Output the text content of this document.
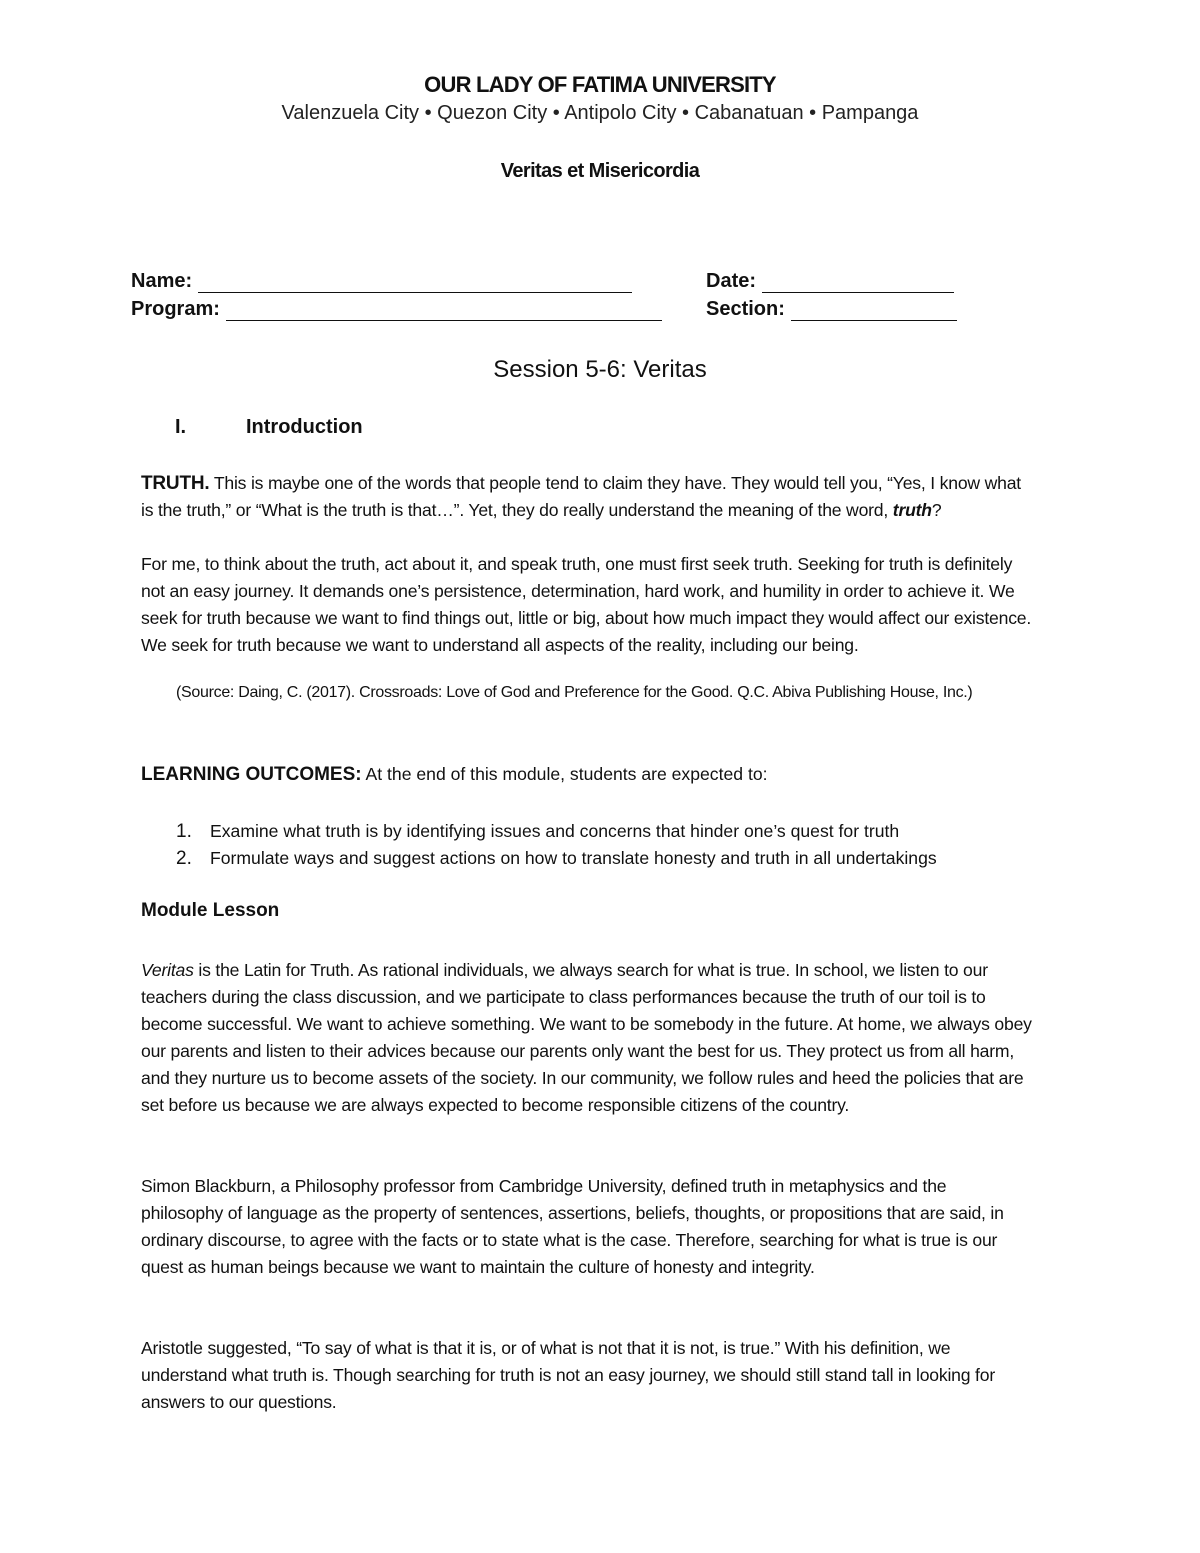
OUR LADY OF FATIMA UNIVERSITY
Valenzuela City • Quezon City • Antipolo City • Cabanatuan • Pampanga
Veritas et Misericordia
Name:	Date:
Program:	Section:
Session 5-6: Veritas
I.	Introduction
TRUTH. This is maybe one of the words that people tend to claim they have. They would tell you, “Yes, I know what is the truth,” or “What is the truth is that…”. Yet, they do really understand the meaning of the word, truth?
For me, to think about the truth, act about it, and speak truth, one must first seek truth. Seeking for truth is definitely not an easy journey. It demands one’s persistence, determination, hard work, and humility in order to achieve it. We seek for truth because we want to find things out, little or big, about how much impact they would affect our existence. We seek for truth because we want to understand all aspects of the reality, including our being.
(Source: Daing, C. (2017). Crossroads: Love of God and Preference for the Good. Q.C. Abiva Publishing House, Inc.)
LEARNING OUTCOMES: At the end of this module, students are expected to:
1.	Examine what truth is by identifying issues and concerns that hinder one’s quest for truth
2.	Formulate ways and suggest actions on how to translate honesty and truth in all undertakings
Module Lesson
Veritas is the Latin for Truth. As rational individuals, we always search for what is true. In school, we listen to our teachers during the class discussion, and we participate to class performances because the truth of our toil is to become successful. We want to achieve something. We want to be somebody in the future. At home, we always obey our parents and listen to their advices because our parents only want the best for us. They protect us from all harm, and they nurture us to become assets of the society. In our community, we follow rules and heed the policies that are set before us because we are always expected to become responsible citizens of the country.
Simon Blackburn, a Philosophy professor from Cambridge University, defined truth in metaphysics and the philosophy of language as the property of sentences, assertions, beliefs, thoughts, or propositions that are said, in ordinary discourse, to agree with the facts or to state what is the case. Therefore, searching for what is true is our quest as human beings because we want to maintain the culture of honesty and integrity.
Aristotle suggested, “To say of what is that it is, or of what is not that it is not, is true.” With his definition, we understand what truth is. Though searching for truth is not an easy journey, we should still stand tall in looking for answers to our questions.
